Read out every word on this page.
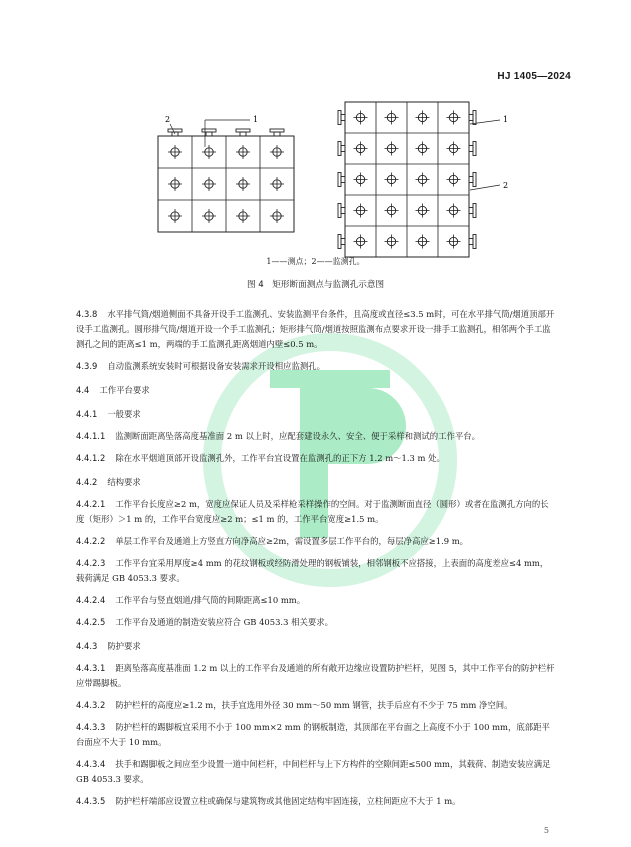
HJ 1405—2024
1
2	1
2
1——测点；2——监测孔。
图 4　矩形断面测点与监测孔示意图
4.3.8 水平排气筒/烟道侧面不具备开设手工监测孔、安装监测平台条件，且高度或直径≤3.5 m时，可在水平排气筒/烟道顶部开设手工监测孔。圆形排气筒/烟道开设一个手工监测孔；矩形排气筒/烟道按照监测布点要求开设一排手工监测孔，相邻两个手工监测孔之间的距离≤1 m，两端的手工监测孔距离烟道内壁≤0.5 m。
4.3.9 自动监测系统安装时可根据设备安装需求开设相应监测孔。
4.4 工作平台要求
4.4.1 一般要求
4.4.1.1 监测断面距离坠落高度基准面 2 m 以上时，应配套建设永久、安全、便于采样和测试的工作平台。
4.4.1.2 除在水平烟道顶部开设监测孔外，工作平台宜设置在监测孔的正下方 1.2 m～1.3 m 处。
4.4.2 结构要求
4.4.2.1 工作平台长度应≥2 m，宽度应保证人员及采样枪采样操作的空间。对于监测断面直径（圆形）或者在监测孔方向的长度（矩形）＞1 m 的，工作平台宽度应≥2 m；≤1 m 的，工作平台宽度≥1.5 m。
4.4.2.2 单层工作平台及通道上方竖直方向净高应≥2m，需设置多层工作平台的，每层净高应≥1.9 m。
4.4.2.3 工作平台宜采用厚度≥4 mm 的花纹钢板或经防滑处理的钢板铺装，相邻钢板不应搭接，上表面的高度差应≤4 mm，载荷满足 GB 4053.3 要求。
4.4.2.4 工作平台与竖直烟道/排气筒的间隙距离≤10 mm。
4.4.2.5 工作平台及通道的制造安装应符合 GB 4053.3 相关要求。
4.4.3 防护要求
4.4.3.1 距离坠落高度基准面 1.2 m 以上的工作平台及通道的所有敞开边缘应设置防护栏杆，见图 5，其中工作平台的防护栏杆应带踢脚板。
4.4.3.2 防护栏杆的高度应≥1.2 m，扶手宜选用外径 30 mm～50 mm 钢管，扶手后应有不少于 75 mm 净空间。
4.4.3.3 防护栏杆的踢脚板宜采用不小于 100 mm×2 mm 的钢板制造，其顶部在平台面之上高度不小于 100 mm，底部距平台面应不大于 10 mm。
4.4.3.4 扶手和踢脚板之间应至少设置一道中间栏杆，中间栏杆与上下方构件的空隙间距≤500 mm，其载荷、制造安装应满足 GB 4053.3 要求。
4.4.3.5 防护栏杆端部应设置立柱或确保与建筑物或其他固定结构牢固连接，立柱间距应不大于 1 m。
5
